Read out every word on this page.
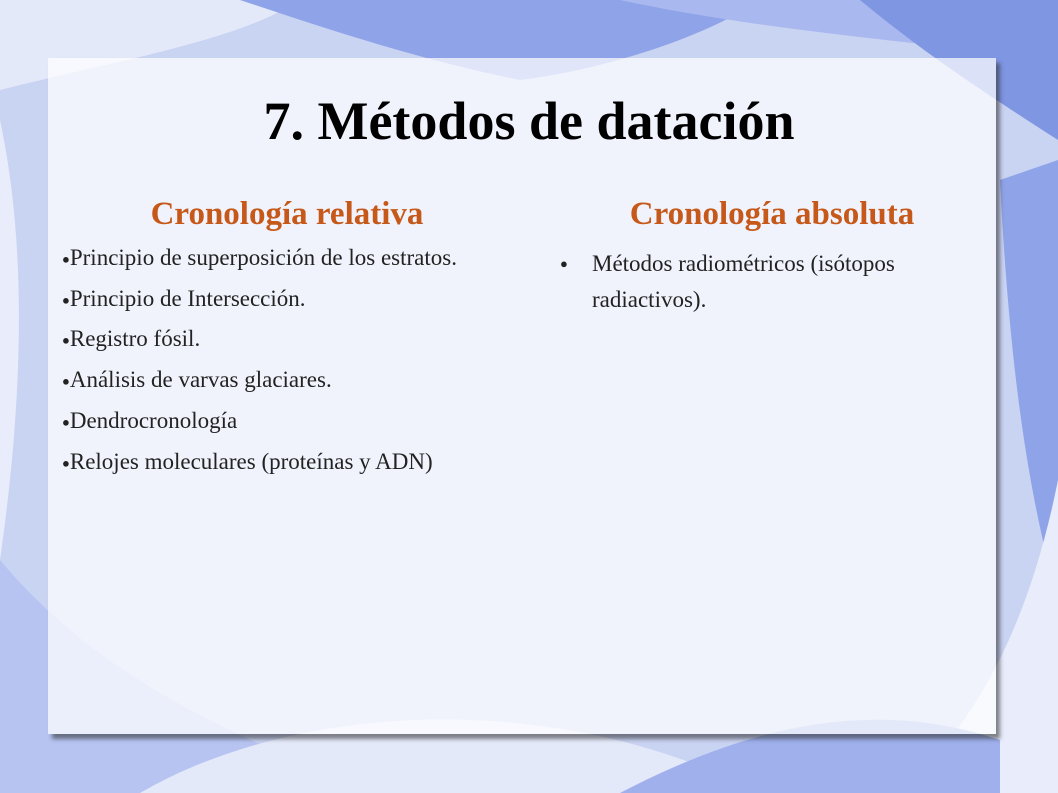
7. Métodos de datación
Cronología relativa	Cronología absoluta
●Principio de superposición de los estratos.
●Principio de Intersección.
●Registro fósil.
●Análisis de varvas glaciares.
●Dendrocronología
●Relojes moleculares (proteínas y ADN)
● Métodos radiométricos (isótopos radiactivos).
